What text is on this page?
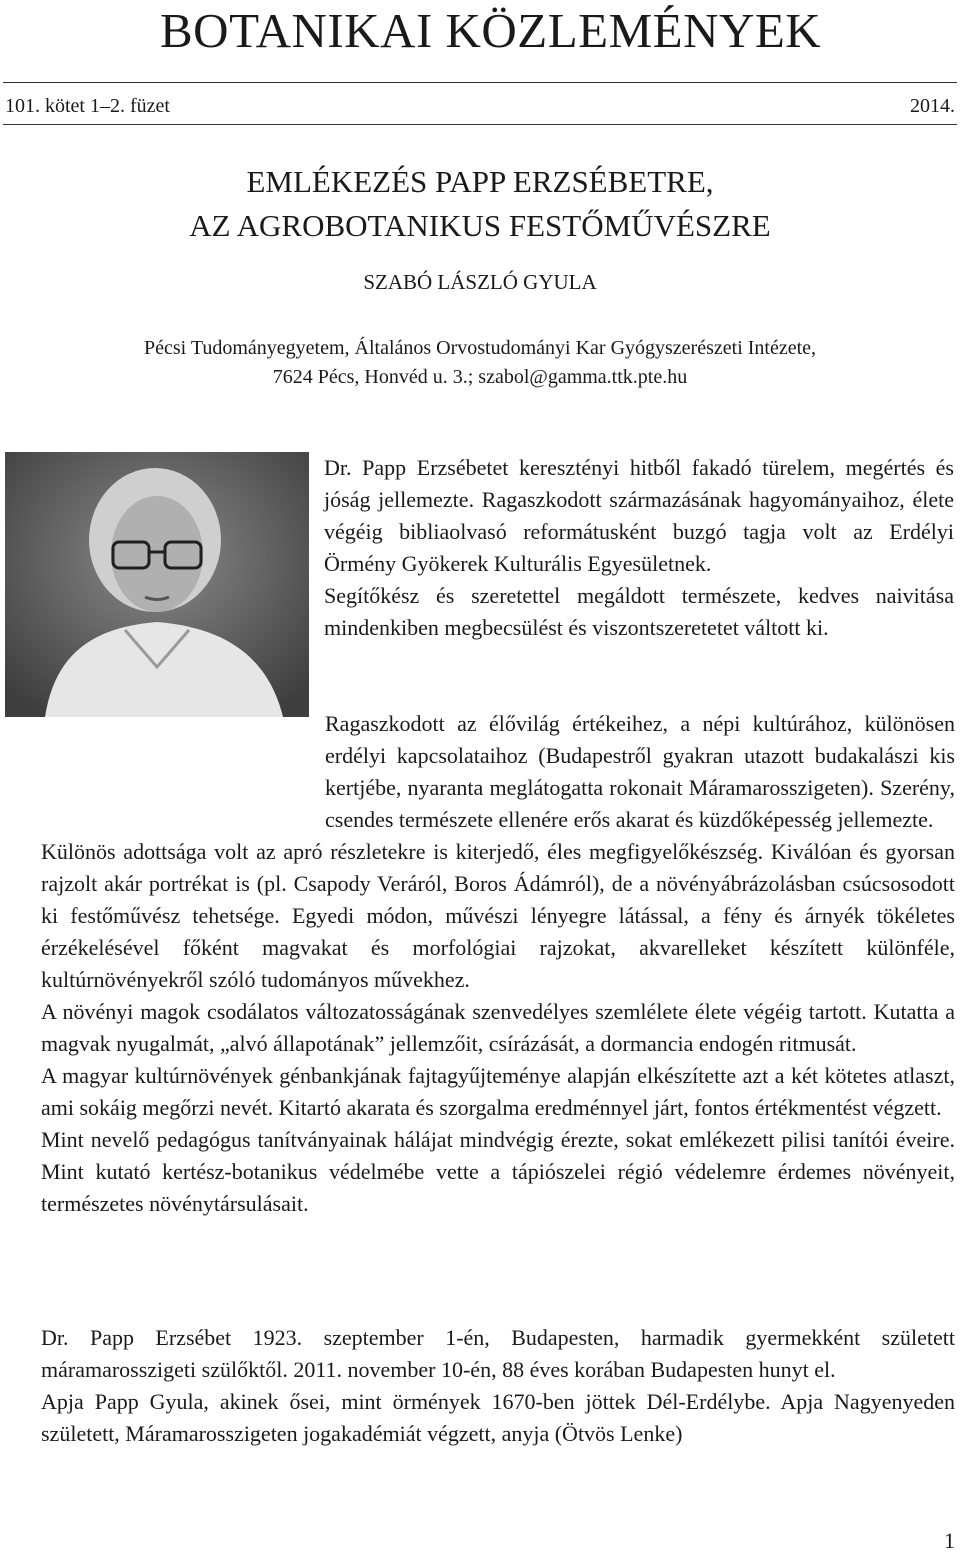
BOTANIKAI KÖZLEMÉNYEK
101. kötet 1–2. füzet	2014.
EMLÉKEZÉS PAPP ERZSÉBETRE,
AZ AGROBOTANIKUS FESTŐMŰVÉSZRE
SZABÓ LÁSZLÓ GYULA
Pécsi Tudományegyetem, Általános Orvostudományi Kar Gyógyszerészeti Intézete,
7624 Pécs, Honvéd u. 3.; szabol@gamma.ttk.pte.hu

Dr. Papp Erzsébetet keresztényi hitből fakadó türelem, megértés és jóság jellemezte. Ragaszkodott származásának hagyományaihoz, élete végéig bibliaolvasó reformátusként buzgó tagja volt az Erdélyi Örmény Gyökerek Kulturális Egyesületnek.

Segítőkész és szeretettel megáldott természete, kedves naivitása mindenkiben megbecsülést és viszontszeretetet váltott ki.

Ragaszkodott az élővilág értékeihez, a népi kultúrához, különösen erdélyi kapcsolataihoz (Budapestről gyakran utazott budakalászi kis kertjébe, nyaranta meglátogatta rokonait Máramarosszigeten). Szerény, csendes természete ellenére erős akarat és küzdőképesség jellemezte.

Különös adottsága volt az apró részletekre is kiterjedő, éles megfigyelőkészség. Kiválóan és gyorsan rajzolt akár portrékat is (pl. Csapody Veráról, Boros Ádámról), de a növényábrázolásban csúcsosodott ki festőművész tehetsége. Egyedi módon, művészi lényegre látással, a fény és árnyék tökéletes érzékelésével főként magvakat és morfológiai rajzokat, akvarelleket készített különféle, kultúrnövényekről szóló tudományos művekhez.

A növényi magok csodálatos változatosságának szenvedélyes szemlélete élete végéig tartott. Kutatta a magvak nyugalmát, „alvó állapotának” jellemzőit, csírázását, a dormancia endogén ritmusát.

A magyar kultúrnövények génbankjának fajtagyűjteménye alapján elkészítette azt a két kötetes atlaszt, ami sokáig megőrzi nevét. Kitartó akarata és szorgalma eredménnyel járt, fontos értékmentést végzett.

Mint nevelő pedagógus tanítványainak hálájat mindvégig érezte, sokat emlékezett pilisi tanítói éveire. Mint kutató kertész-botanikus védelmébe vette a tápiószelei régió védelemre érdemes növényeit, természetes növénytársulásait.

Dr. Papp Erzsébet 1923. szeptember 1-én, Budapesten, harmadik gyermekként született máramarosszigeti szülőktől. 2011. november 10-én, 88 éves korában Budapesten hunyt el.

Apja Papp Gyula, akinek ősei, mint örmények 1670-ben jöttek Dél-Erdélybe. Apja Nagyenyeden született, Máramarosszigeten jogakadémiát végzett, anyja (Ötvös Lenke)

1
